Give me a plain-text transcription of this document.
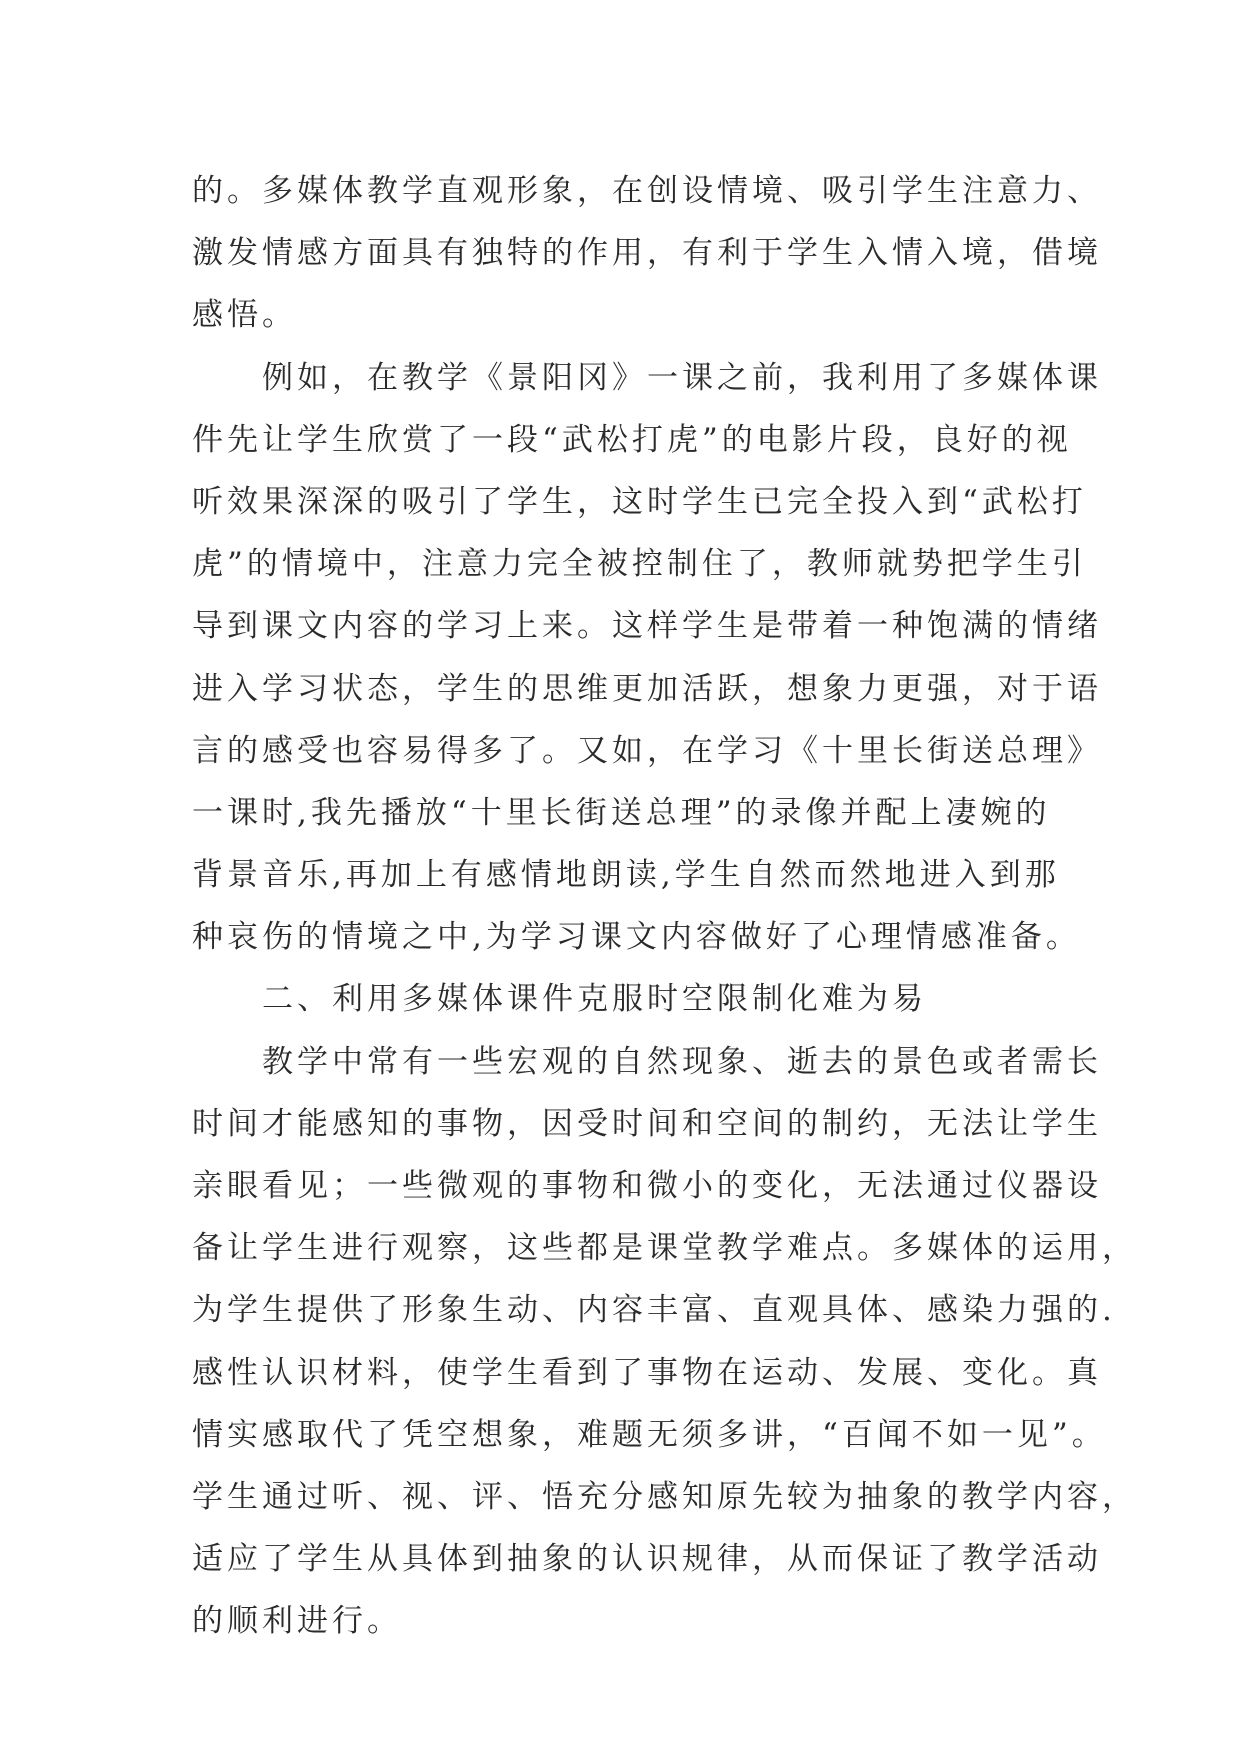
的。多媒体教学直观形象，在创设情境、吸引学生注意力、
激发情感方面具有独特的作用，有利于学生入情入境，借境
感悟。
例如，在教学《景阳冈》一课之前，我利用了多媒体课
件先让学生欣赏了一段“武松打虎”的电影片段，良好的视
听效果深深的吸引了学生，这时学生已完全投入到“武松打
虎”的情境中，注意力完全被控制住了，教师就势把学生引
导到课文内容的学习上来。这样学生是带着一种饱满的情绪
进入学习状态，学生的思维更加活跃，想象力更强，对于语
言的感受也容易得多了。又如，在学习《十里长街送总理》
一课时,我先播放“十里长街送总理”的录像并配上凄婉的
背景音乐,再加上有感情地朗读,学生自然而然地进入到那
种哀伤的情境之中,为学习课文内容做好了心理情感准备。
二、利用多媒体课件克服时空限制化难为易
教学中常有一些宏观的自然现象、逝去的景色或者需长
时间才能感知的事物，因受时间和空间的制约，无法让学生
亲眼看见；一些微观的事物和微小的变化，无法通过仪器设
备让学生进行观察，这些都是课堂教学难点。多媒体的运用，
为学生提供了形象生动、内容丰富、直观具体、感染力强的.
感性认识材料，使学生看到了事物在运动、发展、变化。真
情实感取代了凭空想象，难题无须多讲，“百闻不如一见”。
学生通过听、视、评、悟充分感知原先较为抽象的教学内容，
适应了学生从具体到抽象的认识规律，从而保证了教学活动
的顺利进行。
